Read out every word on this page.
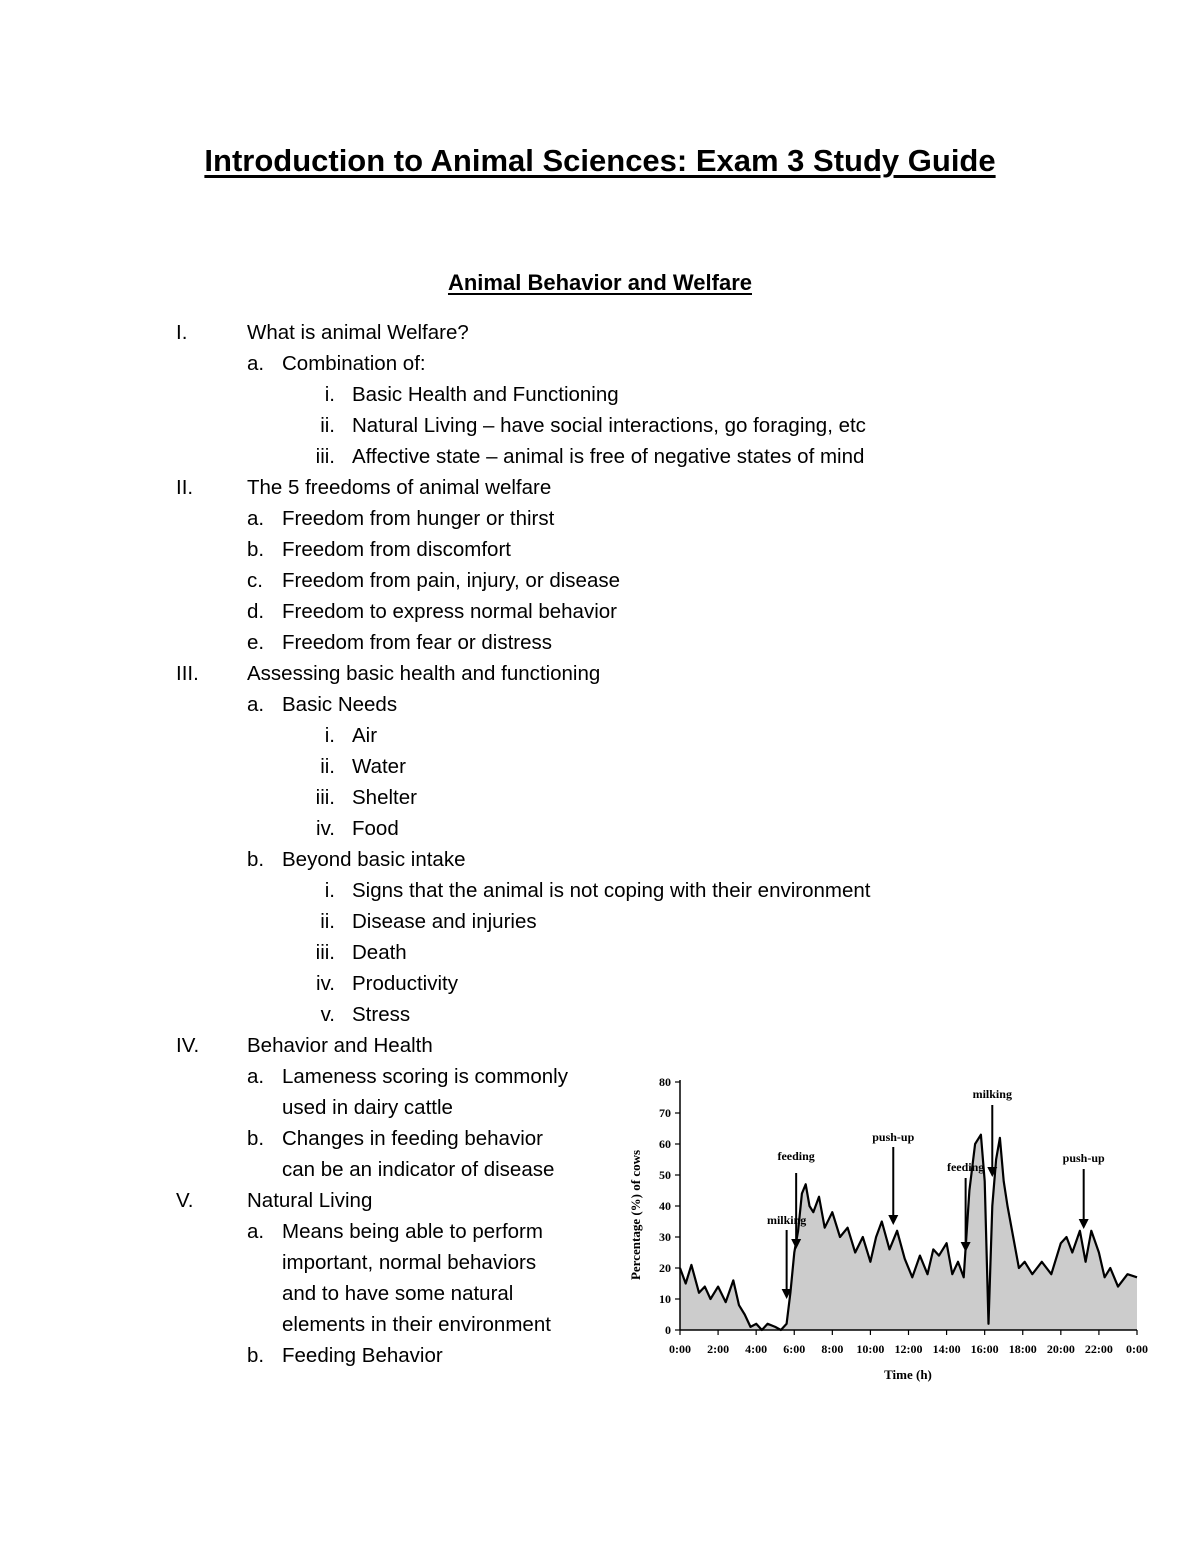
Introduction to Animal Sciences: Exam 3 Study Guide
Animal Behavior and Welfare
I.	What is animal Welfare?
a. Combination of:
i. Basic Health and Functioning
ii. Natural Living – have social interactions, go foraging, etc
iii. Affective state – animal is free of negative states of mind
II.	The 5 freedoms of animal welfare
a. Freedom from hunger or thirst
b. Freedom from discomfort
c. Freedom from pain, injury, or disease
d. Freedom to express normal behavior
e. Freedom from fear or distress
III. Assessing basic health and functioning
a. Basic Needs
i. Air
ii. Water
iii. Shelter
iv. Food
b. Beyond basic intake
i. Signs that the animal is not coping with their environment
ii. Disease and injuries
iii. Death
iv. Productivity
v. Stress
IV. Behavior and Health
a. Lameness scoring is commonly
used in dairy cattle
b. Changes in feeding behavior
can be an indicator of disease
V.	Natural Living
a. Means being able to perform
important, normal behaviors
and to have some natural
elements in their environment
b. Feeding Behavior
0
10
20
30
40
50
60
70
80
0:00 2:00 4:00 6:00 8:00 10:00 12:00 14:00 16:00 18:00 20:00 22:00 0:00
milking
feeding
push-up
feeding
milking
push-up
Percentage (%) of cows
Time (h)
